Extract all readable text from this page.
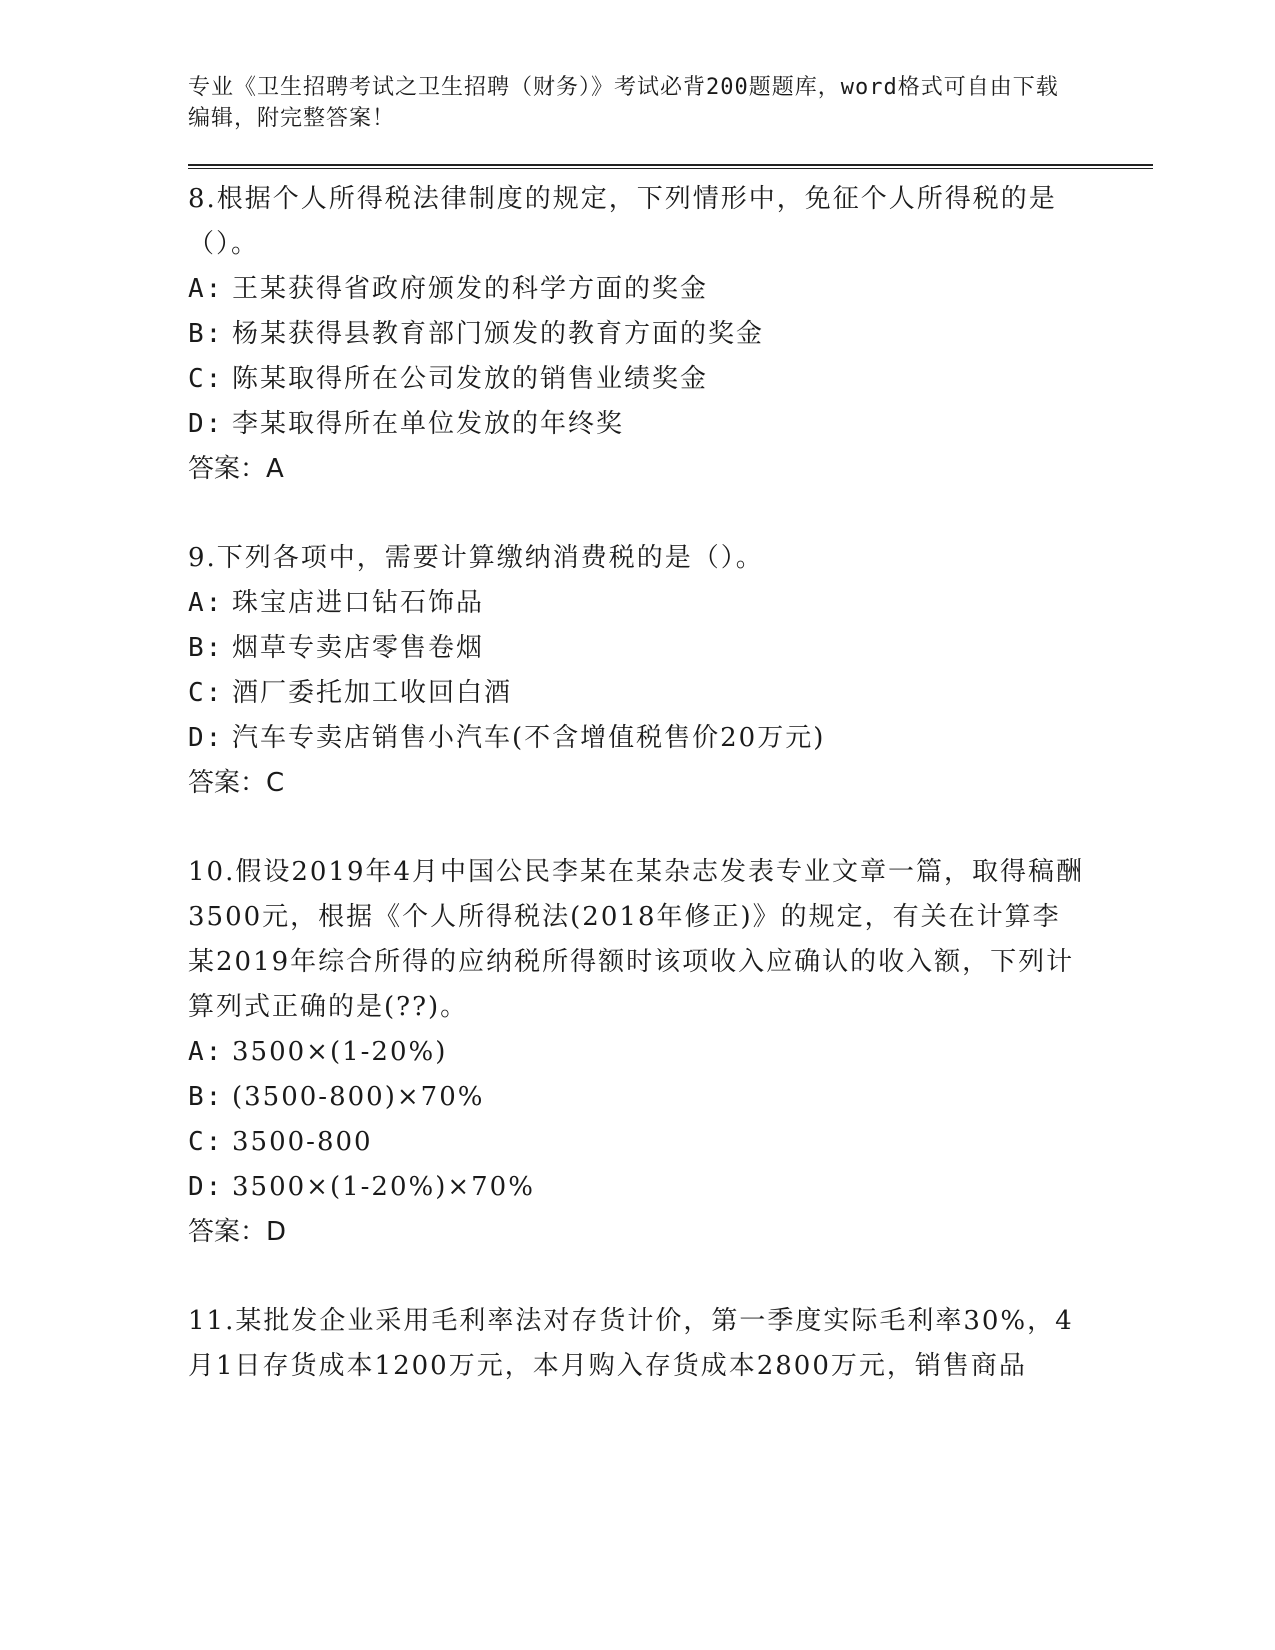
专业《卫生招聘考试之卫生招聘（财务）》考试必背200题题库，word格式可自由下载编辑，附完整答案！
8.根据个人所得税法律制度的规定，下列情形中，免征个人所得税的是（）。
A: 王某获得省政府颁发的科学方面的奖金
B: 杨某获得县教育部门颁发的教育方面的奖金
C: 陈某取得所在公司发放的销售业绩奖金
D: 李某取得所在单位发放的年终奖
答案：A
9.下列各项中，需要计算缴纳消费税的是（）。
A: 珠宝店进口钻石饰品
B: 烟草专卖店零售卷烟
C: 酒厂委托加工收回白酒
D: 汽车专卖店销售小汽车(不含增值税售价20万元)
答案：C
10.假设2019年4月中国公民李某在某杂志发表专业文章一篇，取得稿酬3500元，根据《个人所得税法(2018年修正)》的规定，有关在计算李某2019年综合所得的应纳税所得额时该项收入应确认的收入额，下列计算列式正确的是(??)。
A: 3500×(1-20%)
B: (3500-800)×70%
C: 3500-800
D: 3500×(1-20%)×70%
答案：D
11.某批发企业采用毛利率法对存货计价，第一季度实际毛利率30%，4月1日存货成本1200万元，本月购入存货成本2800万元，销售商品
